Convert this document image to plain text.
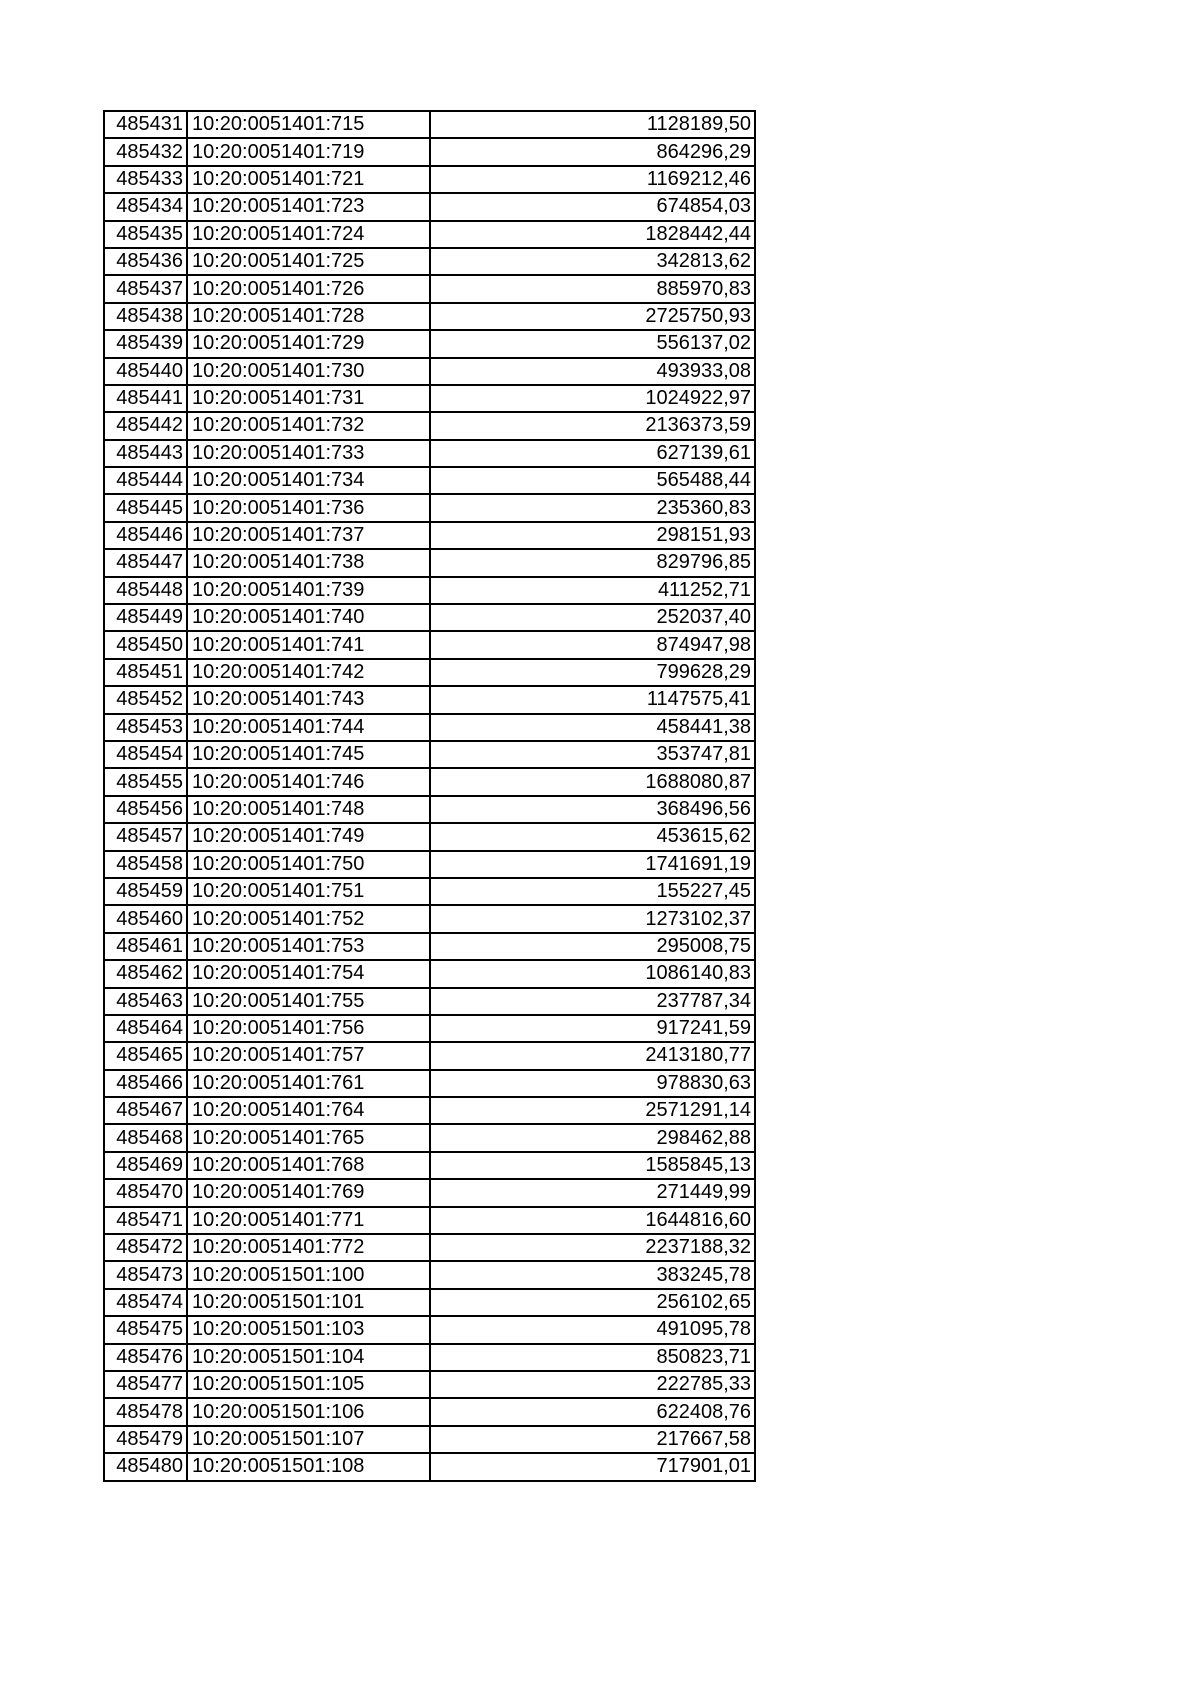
485431	10:20:0051401:715	1128189,50
485432	10:20:0051401:719	864296,29
485433	10:20:0051401:721	1169212,46
485434	10:20:0051401:723	674854,03
485435	10:20:0051401:724	1828442,44
485436	10:20:0051401:725	342813,62
485437	10:20:0051401:726	885970,83
485438	10:20:0051401:728	2725750,93
485439	10:20:0051401:729	556137,02
485440	10:20:0051401:730	493933,08
485441	10:20:0051401:731	1024922,97
485442	10:20:0051401:732	2136373,59
485443	10:20:0051401:733	627139,61
485444	10:20:0051401:734	565488,44
485445	10:20:0051401:736	235360,83
485446	10:20:0051401:737	298151,93
485447	10:20:0051401:738	829796,85
485448	10:20:0051401:739	411252,71
485449	10:20:0051401:740	252037,40
485450	10:20:0051401:741	874947,98
485451	10:20:0051401:742	799628,29
485452	10:20:0051401:743	1147575,41
485453	10:20:0051401:744	458441,38
485454	10:20:0051401:745	353747,81
485455	10:20:0051401:746	1688080,87
485456	10:20:0051401:748	368496,56
485457	10:20:0051401:749	453615,62
485458	10:20:0051401:750	1741691,19
485459	10:20:0051401:751	155227,45
485460	10:20:0051401:752	1273102,37
485461	10:20:0051401:753	295008,75
485462	10:20:0051401:754	1086140,83
485463	10:20:0051401:755	237787,34
485464	10:20:0051401:756	917241,59
485465	10:20:0051401:757	2413180,77
485466	10:20:0051401:761	978830,63
485467	10:20:0051401:764	2571291,14
485468	10:20:0051401:765	298462,88
485469	10:20:0051401:768	1585845,13
485470	10:20:0051401:769	271449,99
485471	10:20:0051401:771	1644816,60
485472	10:20:0051401:772	2237188,32
485473	10:20:0051501:100	383245,78
485474	10:20:0051501:101	256102,65
485475	10:20:0051501:103	491095,78
485476	10:20:0051501:104	850823,71
485477	10:20:0051501:105	222785,33
485478	10:20:0051501:106	622408,76
485479	10:20:0051501:107	217667,58
485480	10:20:0051501:108	717901,01
